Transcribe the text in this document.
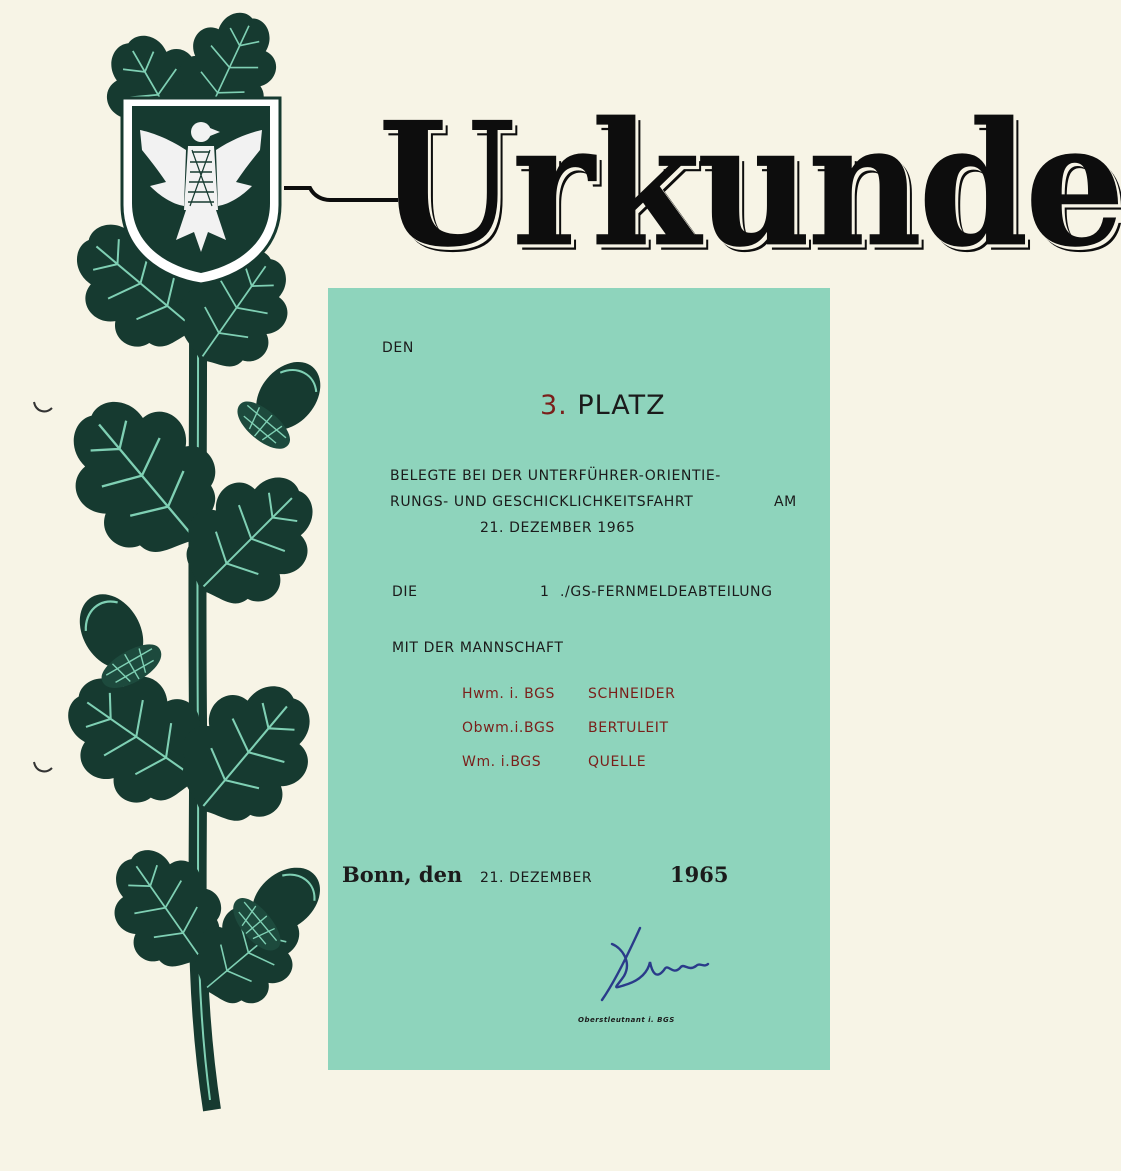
Urkunde
DEN
3. PLATZ
BELEGTE BEI DER UNTERFÜHRER-ORIENTIE-
RUNGS- UND GESCHICKLICHKEITSFAHRT	AM
21. DEZEMBER 1965
DIE	1 ./GS-FERNMELDEABTEILUNG
MIT DER MANNSCHAFT
Hwm. i. BGS SCHNEIDER
Obwm.i.BGS BERTULEIT
Wm. i.BGS	QUELLE
Bonn, den 21. DEZEMBER	1965
Oberstleutnant i. BGS
